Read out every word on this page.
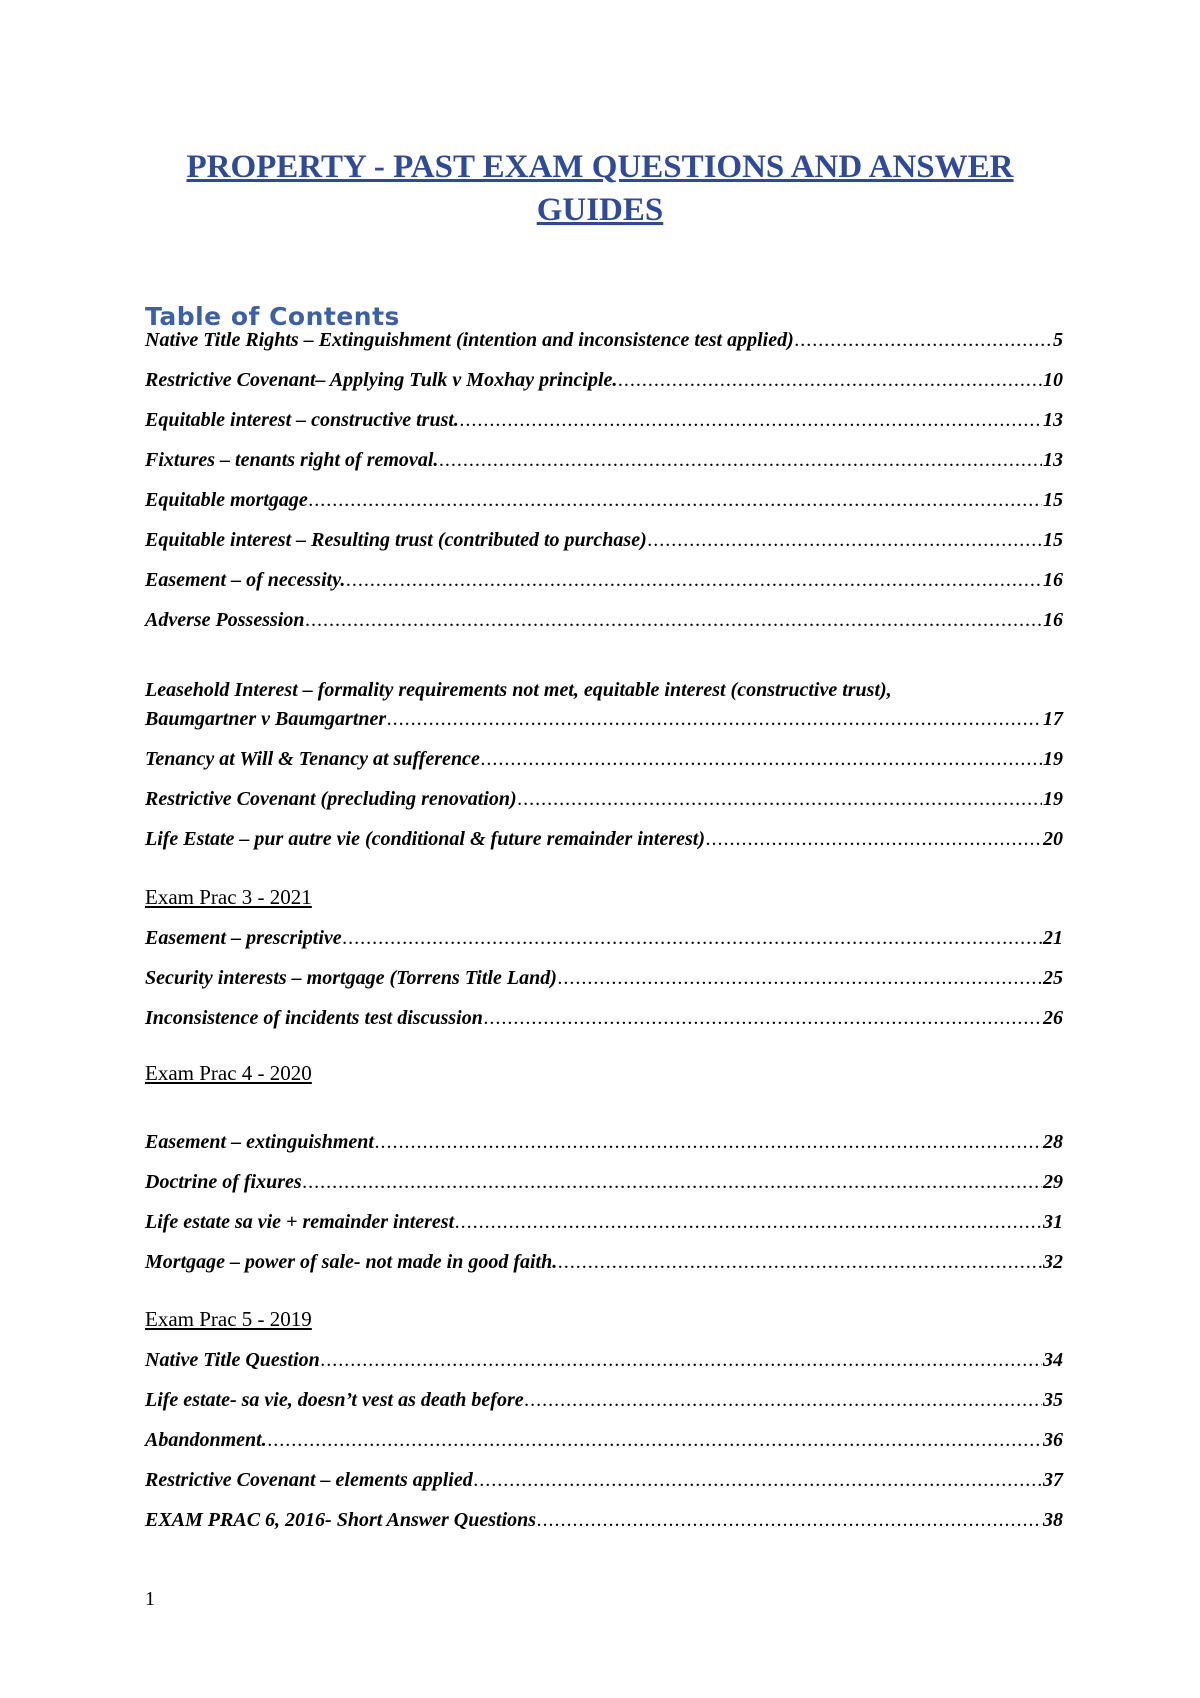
PROPERTY - PAST EXAM QUESTIONS AND ANSWER GUIDES
Table of Contents
Native Title Rights – Extinguishment (intention and inconsistence test applied) .....	5
Restrictive Covenant– Applying Tulk v Moxhay principle. .....	10
Equitable interest – constructive trust. .....	13
Fixtures – tenants right of removal. .....	13
Equitable mortgage .....	15
Equitable interest – Resulting trust (contributed to purchase) .....	15
Easement – of necessity. .....	16
Adverse Possession .....	16
Leasehold Interest – formality requirements not met, equitable interest (constructive trust),
Baumgartner v Baumgartner .....	17
Tenancy at Will & Tenancy at sufference .....	19
Restrictive Covenant (precluding renovation) .....	19
Life Estate – pur autre vie (conditional & future remainder interest) .....	20
Exam Prac 3 - 2021
Easement – prescriptive .....	21
Security interests – mortgage (Torrens Title Land) .....	25
Inconsistence of incidents test discussion .....	26
Exam Prac 4 - 2020
Easement – extinguishment .....	28
Doctrine of fixures .....	29
Life estate sa vie + remainder interest .....	31
Mortgage – power of sale- not made in good faith. .....	32
Exam Prac 5 - 2019
Native Title Question .....	34
Life estate- sa vie, doesn’t vest as death before .....	35
Abandonment. .....	36
Restrictive Covenant – elements applied .....	37
EXAM PRAC 6, 2016- Short Answer Questions .....	38
1
